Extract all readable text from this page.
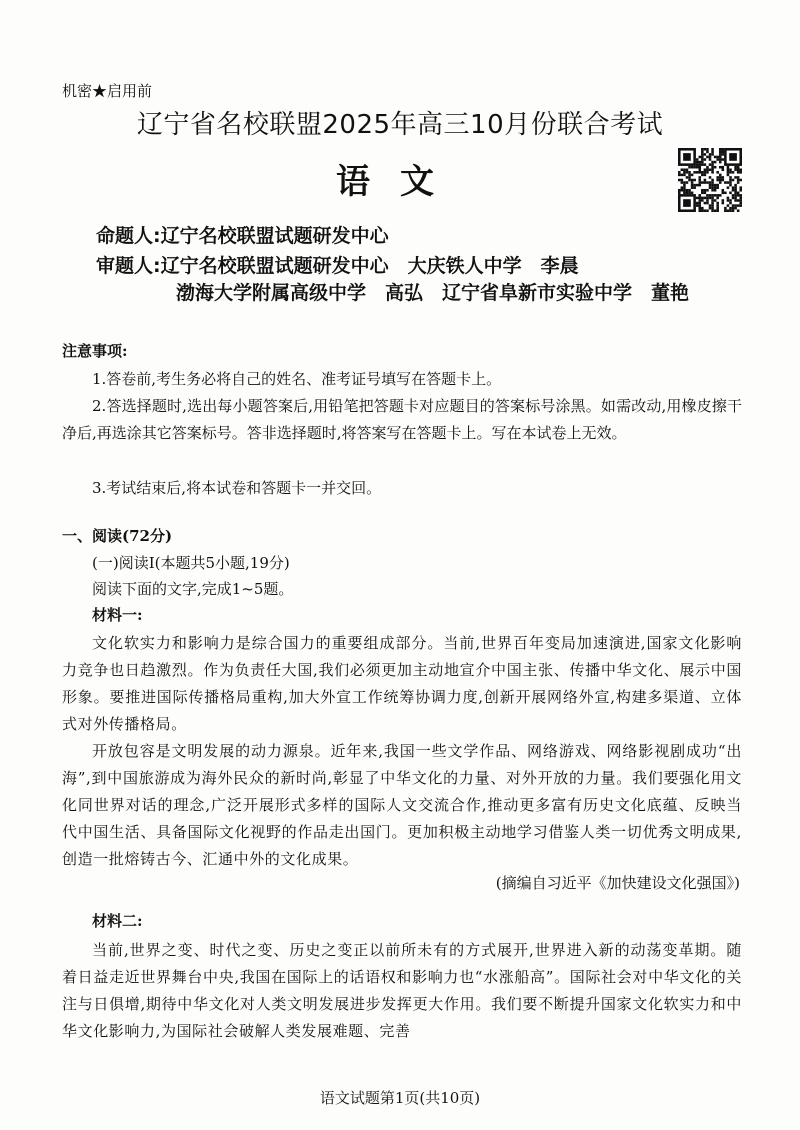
机密★启用前
辽宁省名校联盟2025年高三10月份联合考试
语文
命题人:辽宁名校联盟试题研发中心
审题人:辽宁名校联盟试题研发中心　大庆铁人中学　李晨
渤海大学附属高级中学　高弘　辽宁省阜新市实验中学　董艳
注意事项:
1.答卷前,考生务必将自己的姓名、准考证号填写在答题卡上。
2.答选择题时,选出每小题答案后,用铅笔把答题卡对应题目的答案标号涂黑。如需改动,用橡皮擦干净后,再选涂其它答案标号。答非选择题时,将答案写在答题卡上。写在本试卷上无效。
3.考试结束后,将本试卷和答题卡一并交回。
一、阅读(72分)
(一)阅读Ⅰ(本题共5小题,19分)
阅读下面的文字,完成1~5题。
材料一:
文化软实力和影响力是综合国力的重要组成部分。当前,世界百年变局加速演进,国家文化影响力竞争也日趋激烈。作为负责任大国,我们必须更加主动地宣介中国主张、传播中华文化、展示中国形象。要推进国际传播格局重构,加大外宣工作统筹协调力度,创新开展网络外宣,构建多渠道、立体式对外传播格局。
开放包容是文明发展的动力源泉。近年来,我国一些文学作品、网络游戏、网络影视剧成功“出海”,到中国旅游成为海外民众的新时尚,彰显了中华文化的力量、对外开放的力量。我们要强化用文化同世界对话的理念,广泛开展形式多样的国际人文交流合作,推动更多富有历史文化底蕴、反映当代中国生活、具备国际文化视野的作品走出国门。更加积极主动地学习借鉴人类一切优秀文明成果,创造一批熔铸古今、汇通中外的文化成果。
(摘编自习近平《加快建设文化强国》)
材料二:
当前,世界之变、时代之变、历史之变正以前所未有的方式展开,世界进入新的动荡变革期。随着日益走近世界舞台中央,我国在国际上的话语权和影响力也“水涨船高”。国际社会对中华文化的关注与日俱增,期待中华文化对人类文明发展进步发挥更大作用。我们要不断提升国家文化软实力和中华文化影响力,为国际社会破解人类发展难题、完善
语文试题第1页(共10页)
